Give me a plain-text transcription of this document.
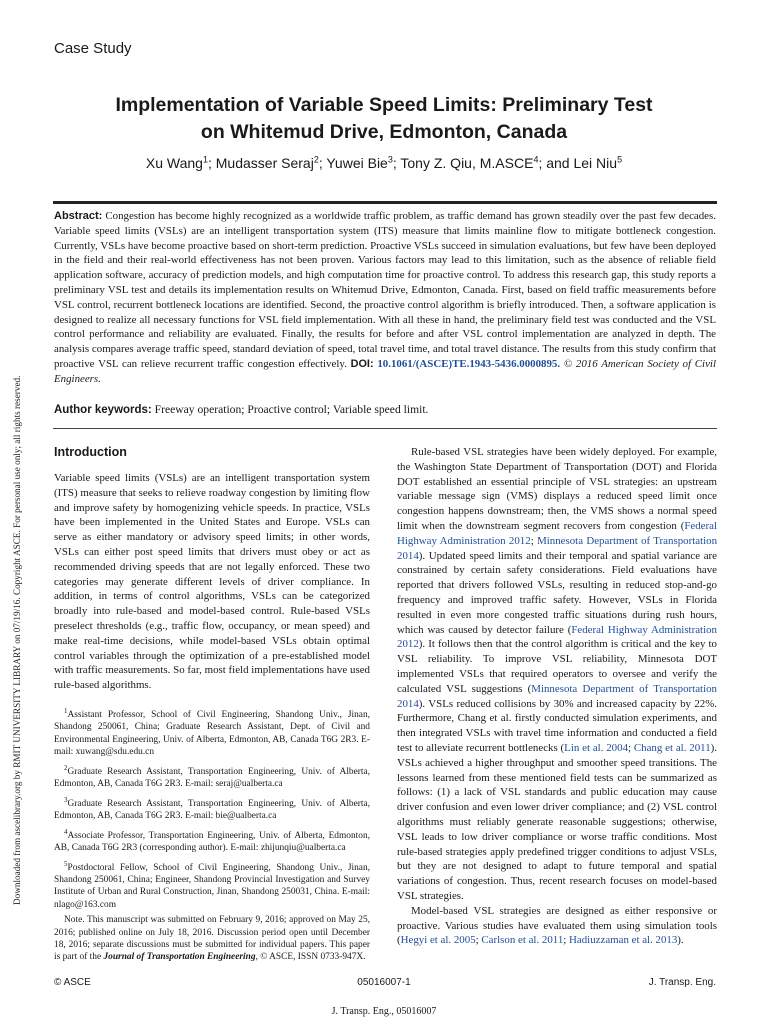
Case Study
Implementation of Variable Speed Limits: Preliminary Test
on Whitemud Drive, Edmonton, Canada
Xu Wang$^1$; Mudasser Seraj$^2$; Yuwei Bie$^3$; Tony Z. Qiu, M.ASCE$^4$; and Lei Niu$^5$
Abstract: Congestion has become highly recognized as a worldwide traffic problem, as traffic demand has grown steadily over the past few decades. Variable speed limits (VSLs) are an intelligent transportation system (ITS) measure that limits mainline flow to mitigate bottleneck congestion. Currently, VSLs have become proactive based on short-term prediction. Proactive VSLs succeed in simulation evaluations, but few have been deployed in the field and their real-world effectiveness has not been proven. Various factors may lead to this limitation, such as the absence of reliable field application software, accuracy of prediction models, and high computation time for proactive control. To address this research gap, this study reports a preliminary VSL test and details its implementation results on Whitemud Drive, Edmonton, Canada. First, based on field traffic measurements before VSL control, recurrent bottleneck locations are identified. Second, the proactive control algorithm is briefly introduced. Then, a software application is designed to realize all necessary functions for VSL field implementation. With all these in hand, the preliminary field test was conducted and the VSL control performance and reliability are evaluated. Finally, the results for before and after VSL control implementation are analyzed in depth. The analysis compares average traffic speed, standard deviation of speed, total travel time, and total travel distance. The results from this study confirm that proactive VSL can relieve recurrent traffic congestion effectively. DOI: 10.1061/(ASCE)TE.1943-5436.0000895. © 2016 American Society of Civil Engineers.
Author keywords: Freeway operation; Proactive control; Variable speed limit.
Introduction

Variable speed limits (VSLs) are an intelligent transportation system (ITS) measure that seeks to relieve roadway congestion by limiting flow and improve safety by homogenizing vehicle speeds. In practice, VSLs have been implemented in the United States and Europe. VSLs can serve as either mandatory or advisory speed limits; in other words, VSLs can either post speed limits that drivers must obey or act as recommended driving speeds that are not legally enforced. These two categories may generate different levels of driver compliance. In addition, in terms of control algorithms, VSLs can be categorized broadly into rule-based and model-based control. Rule-based VSLs preselect thresholds (e.g., traffic flow, occupancy, or mean speed) and make real-time decisions, while model-based VSLs obtain optimal control variables through the optimization of a pre-established model with traffic measurements. So far, most field implementations have used rule-based algorithms.

$^1$Assistant Professor, School of Civil Engineering, Shandong Univ., Jinan, Shandong 250061, China; Graduate Research Assistant, Dept. of Civil and Environmental Engineering, Univ. of Alberta, Edmonton, AB, Canada T6G 2R3. E-mail: xuwang@sdu.edu.cn

$^2$Graduate Research Assistant, Transportation Engineering, Univ. of Alberta, Edmonton, AB, Canada T6G 2R3. E-mail: seraj@ualberta.ca

$^3$Graduate Research Assistant, Transportation Engineering, Univ. of Alberta, Edmonton, AB, Canada T6G 2R3. E-mail: bie@ualberta.ca

$^4$Associate Professor, Transportation Engineering, Univ. of Alberta, Edmonton, AB, Canada T6G 2R3 (corresponding author). E-mail: zhijunqiu@ualberta.ca

$^5$Postdoctoral Fellow, School of Civil Engineering, Shandong Univ., Jinan, Shandong 250061, China; Engineer, Shandong Provincial Investigation and Survey Institute of Urban and Rural Construction, Jinan, Shandong 250031, China. E-mail: nlago@163.com

Note. This manuscript was submitted on February 9, 2016; approved on May 25, 2016; published online on July 18, 2016. Discussion period open until December 18, 2016; separate discussions must be submitted for individual papers. This paper is part of the Journal of Transportation Engineering, © ASCE, ISSN 0733-947X.

Rule-based VSL strategies have been widely deployed. For example, the Washington State Department of Transportation (DOT) and Florida DOT established an essential principle of VSL strategies: an upstream variable message sign (VMS) displays a reduced speed limit once congestion happens downstream; then, the VMS shows a normal speed limit when the downstream segment recovers from congestion (Federal Highway Administration 2012; Minnesota Department of Transportation 2014). Updated speed limits and their temporal and spatial variance are constrained by certain safety considerations. Field evaluations have reported that drivers followed VSLs, resulting in reduced stop-and-go frequency and improved traffic safety. However, VSLs in Florida resulted in even more congested traffic situations during rush hours, which was caused by detector failure (Federal Highway Administration 2012). It follows then that the control algorithm is critical and the key to VSL reliability. To improve VSL reliability, Minnesota DOT implemented VSLs that required operators to oversee and verify the calculated VSL suggestions (Minnesota Department of Transportation 2014). VSLs reduced collisions by 30% and increased capacity by 22%. Furthermore, Chang et al. firstly conducted simulation experiments, and then integrated VSLs with travel time information and conducted a field test to alleviate recurrent bottlenecks (Lin et al. 2004; Chang et al. 2011). VSLs achieved a higher throughput and smoother speed transitions. The lessons learned from these mentioned field tests can be summarized as follows: (1) a lack of VSL standards and public education may cause driver confusion and even lower driver compliance; and (2) VSL control algorithms must reliably generate reasonable suggestions; otherwise, VSL leads to low driver compliance or worse traffic conditions. Most rule-based strategies apply predefined trigger conditions to adjust VSLs, but they are not designed to adapt to future temporal and spatial variations of congestion. Thus, recent research focuses on model-based VSL strategies.

Model-based VSL strategies are designed as either responsive or proactive. Various studies have evaluated them using simulation tools (Hegyi et al. 2005; Carlson et al. 2011; Hadiuzzaman et al. 2013).

Downloaded from ascelibrary.org by RMIT UNIVERSITY LIBRARY on 07/19/16. Copyright ASCE. For personal use only; all rights reserved.
© ASCE	05016007-1	J. Transp. Eng.
J. Transp. Eng., 05016007
